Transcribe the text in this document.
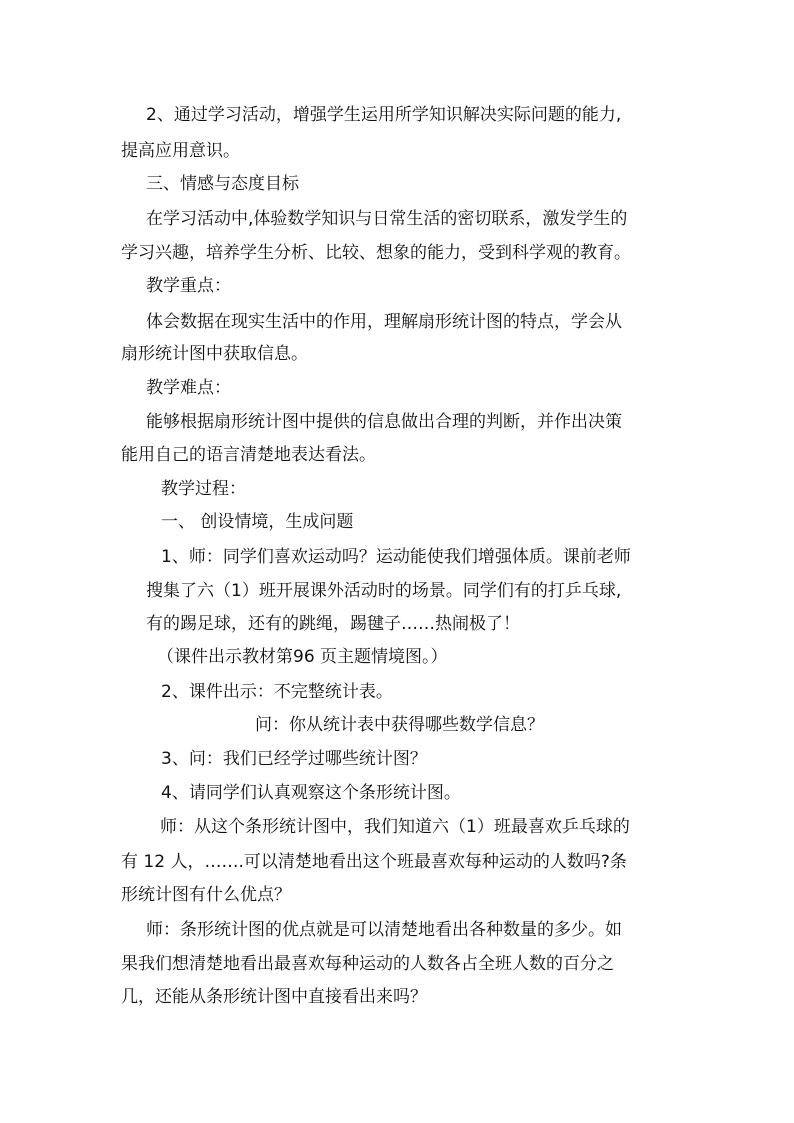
2、通过学习活动，增强学生运用所学知识解决实际问题的能力,

提高应用意识。

三、情感与态度目标

在学习活动中,体验数学知识与日常生活的密切联系，激发学生的

学习兴趣，培养学生分析、比较、想象的能力，受到科学观的教育。

教学重点：

体会数据在现实生活中的作用，理解扇形统计图的特点，学会从

扇形统计图中获取信息。

教学难点：

能够根据扇形统计图中提供的信息做出合理的判断，并作出决策

能用自己的语言清楚地表达看法。

教学过程：

一、 创设情境，生成问题

1、师：同学们喜欢运动吗？运动能使我们增强体质。课前老师

搜集了六（1）班开展课外活动时的场景。同学们有的打乒乓球,

有的踢足球，还有的跳绳，踢毽子……热闹极了！

（课件出示教材第96 页主题情境图。）

2、课件出示：不完整统计表。

问：你从统计表中获得哪些数学信息？

3、问：我们已经学过哪些统计图？

4、请同学们认真观察这个条形统计图。

师：从这个条形统计图中，我们知道六（1）班最喜欢乒乓球的

有 12 人，…….可以清楚地看出这个班最喜欢每种运动的人数吗?条

形统计图有什么优点？

师：条形统计图的优点就是可以清楚地看出各种数量的多少。如

果我们想清楚地看出最喜欢每种运动的人数各占全班人数的百分之

几，还能从条形统计图中直接看出来吗？
